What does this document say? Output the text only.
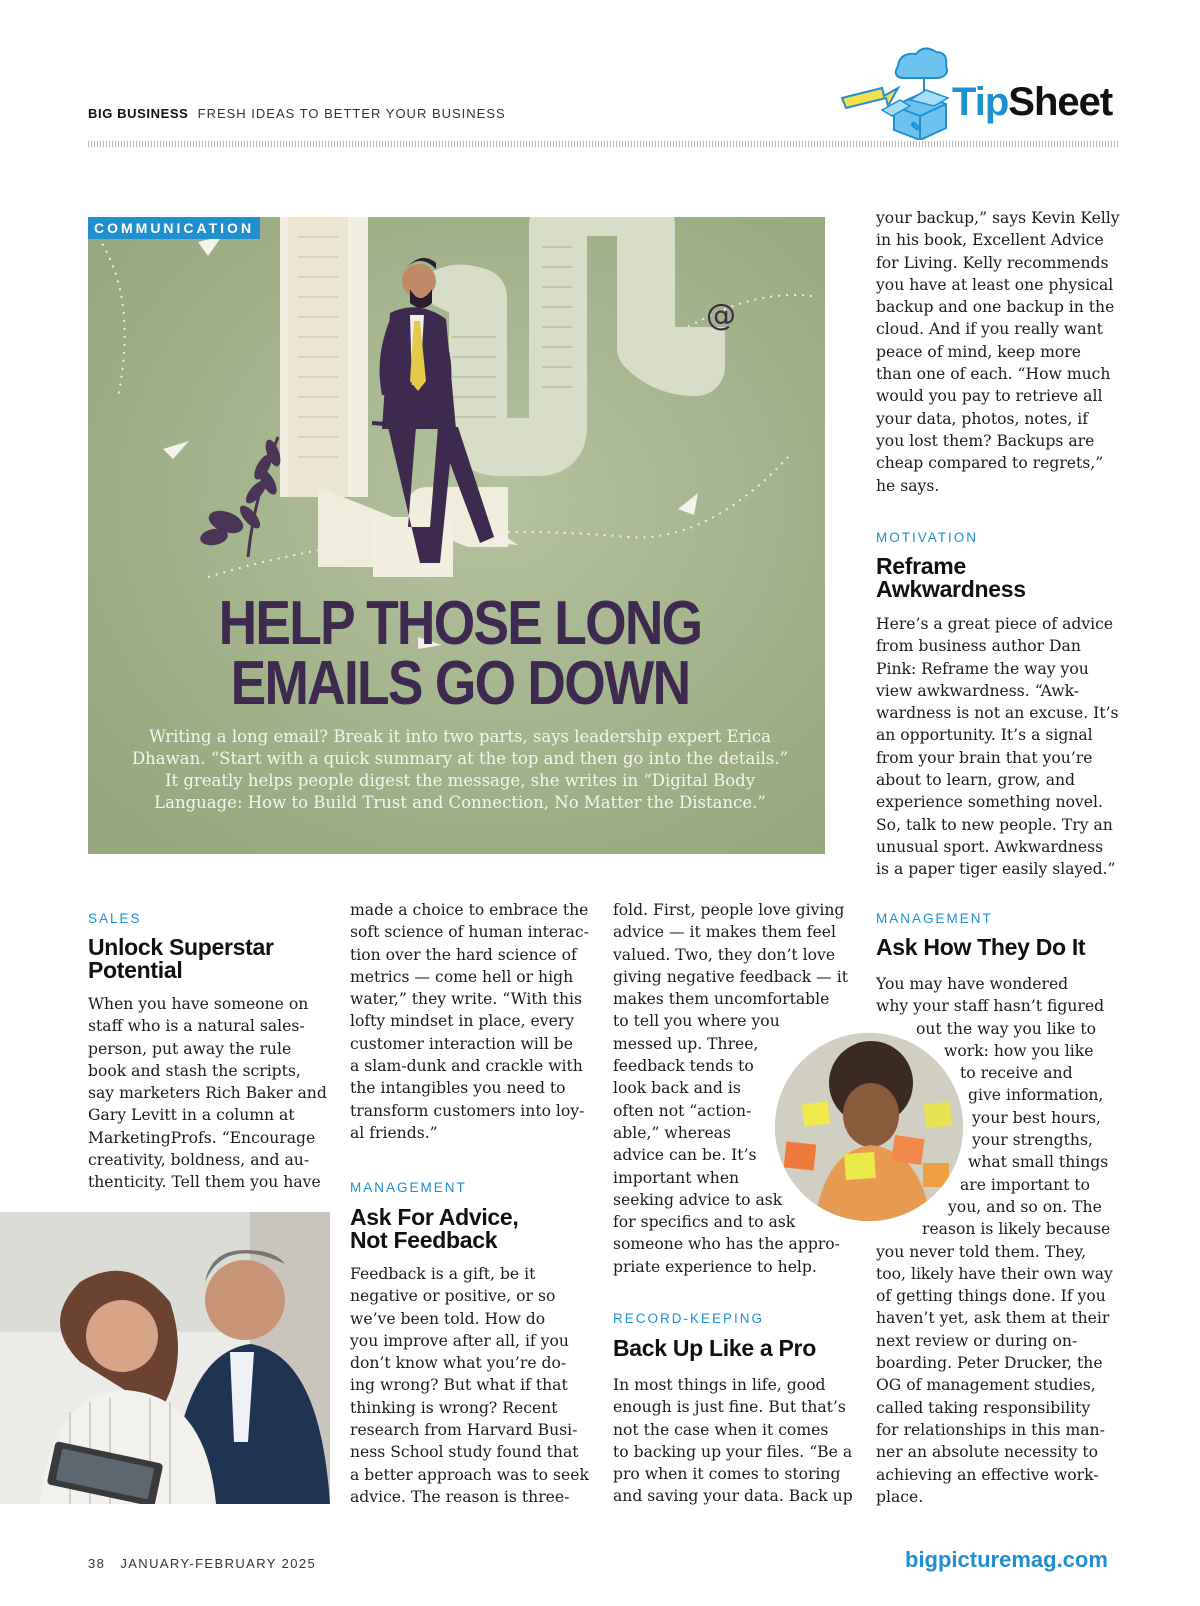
BIG BUSINESS FRESH IDEAS TO BETTER YOUR BUSINESS
✎
TipSheet
@
COMMUNICATION
HELP THOSE LONG
EMAILS GO DOWN
Writing a long email? Break it into two parts, says leadership expert Erica Dhawan. “Start with a quick summary at the top and then go into the details.” It greatly helps people digest the message, she writes in “Digital Body Language: How to Build Trust and Connection, No Matter the Distance.”
SALES
Unlock Superstar
Potential

When you have someone on

staff who is a natural sales-

person, put away the rule

book and stash the scripts,

say marketers Rich Baker and

Gary Levitt in a column at

MarketingProfs. “Encourage

creativity, boldness, and au-

thenticity. Tell them you have

made a choice to embrace the

soft science of human interac-

tion over the hard science of

metrics — come hell or high

water,” they write. “With this

lofty mindset in place, every

customer interaction will be

a slam-dunk and crackle with

the intangibles you need to

transform customers into loy-

al friends.”

MANAGEMENT
Ask For Advice,
Not Feedback

Feedback is a gift, be it

negative or positive, or so

we’ve been told. How do

you improve after all, if you

don’t know what you’re do-

ing wrong? But what if that

thinking is wrong? Recent

research from Harvard Busi-

ness School study found that

a better approach was to seek

advice. The reason is three-

fold. First, people love giving

advice — it makes them feel

valued. Two, they don’t love

giving negative feedback — it

makes them uncomfortable

to tell you where you

messed up. Three,

feedback tends to

look back and is

often not “action-

able,” whereas

advice can be. It’s

important when

seeking advice to ask

for specifics and to ask

someone who has the appro-

priate experience to help.

RECORD-KEEPING
Back Up Like a Pro

In most things in life, good

enough is just fine. But that’s

not the case when it comes

to backing up your files. “Be a

pro when it comes to storing

and saving your data. Back up

your backup,” says Kevin Kelly

in his book, Excellent Advice

for Living. Kelly recommends

you have at least one physical

backup and one backup in the

cloud. And if you really want

peace of mind, keep more

than one of each. “How much

would you pay to retrieve all

your data, photos, notes, if

you lost them? Backups are

cheap compared to regrets,”

he says.

MOTIVATION
Reframe
Awkwardness

Here’s a great piece of advice

from business author Dan

Pink: Reframe the way you

view awkwardness. “Awk-

wardness is not an excuse. It’s

an opportunity. It’s a signal

from your brain that you’re

about to learn, grow, and

experience something novel.

So, talk to new people. Try an

unusual sport. Awkwardness

is a paper tiger easily slayed.”

MANAGEMENT
Ask How They Do It

You may have wondered

why your staff hasn’t figured

out the way you like to

work: how you like

to receive and

give information,

your best hours,

your strengths,

what small things

are important to

you, and so on. The

reason is likely because

you never told them. They,

too, likely have their own way

of getting things done. If you

haven’t yet, ask them at their

next review or during on-

boarding. Peter Drucker, the

OG of management studies,

called taking responsibility

for relationships in this man-

ner an absolute necessity to

achieving an effective work-

place.

38 JANUARY-FEBRUARY 2025	bigpicturemag.com
